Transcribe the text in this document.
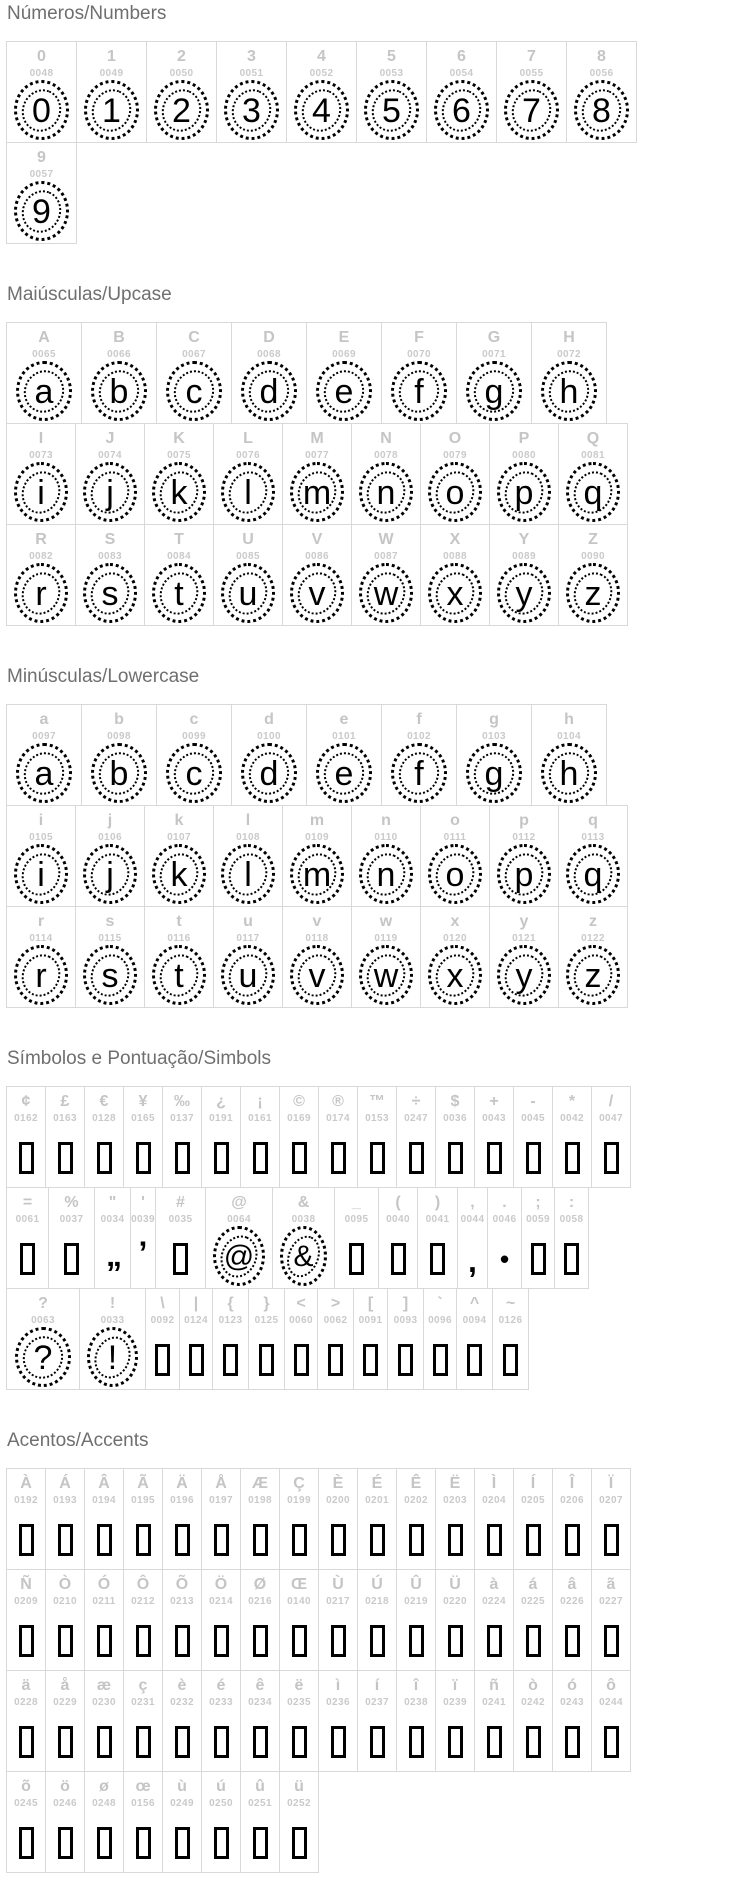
Números/Numbers
0
0048
0

1
0049
1

2
0050
2

3
0051
3

4
0052
4

5
0053
5

6
0054
6

7
0055
7

8
0056
8
9
0057
9
Maiúsculas/Upcase
A
0065
a

B
0066
b

C
0067
c

D
0068
d

E
0069
e

F
0070
f

G
0071
g

H
0072
h
I
0073
i

J
0074
j

K
0075
k

L
0076
l

M
0077
m

N
0078
n

O
0079
o

P
0080
p

Q
0081
q
R
0082
r

S
0083
s

T
0084
t

U
0085
u

V
0086
v

W
0087
w

X
0088
x

Y
0089
y

Z
0090
z
Minúsculas/Lowercase
a
0097
a

b
0098
b

c
0099
c

d
0100
d

e
0101
e

f
0102
f

g
0103
g

h
0104
h
i
0105
i

j
0106
j

k
0107
k

l
0108
l

m
0109
m

n
0110
n

o
0111
o

p
0112
p

q
0113
q
r
0114
r

s
0115
s

t
0116
t

u
0117
u

v
0118
v

w
0119
w

x
0120
x

y
0121
y

z
0122
z
Símbolos e Pontuação/Simbols
¢
0162

£
0163

€
0128

¥
0165

‰
0137

¿
0191

¡
0161

©
0169

®
0174

™
0153

÷
0247

$
0036

+
0043

-
0045

*
0042

/
0047
=
0061

%
0037

"
0034
„

'
0039
’

#
0035

@
0064
@

&
0038
&

_
0095

(
0040

)
0041

,
0044
,

.
0046
•

;
0059

:
0058
?
0063
?

!
0033
!

\
0092

|
0124

{
0123

}
0125

<
0060

>
0062

[
0091

]
0093

`
0096

^
0094

~
0126
Acentos/Accents
À
0192

Á
0193

Â
0194

Ã
0195

Ä
0196

Å
0197

Æ
0198

Ç
0199

È
0200

É
0201

Ê
0202

Ë
0203

Ì
0204

Í
0205

Î
0206

Ï
0207
Ñ
0209

Ò
0210

Ó
0211

Ô
0212

Õ
0213

Ö
0214

Ø
0216

Œ
0140

Ù
0217

Ú
0218

Û
0219

Ü
0220

à
0224

á
0225

â
0226

ã
0227
ä
0228

å
0229

æ
0230

ç
0231

è
0232

é
0233

ê
0234

ë
0235

ì
0236

í
0237

î
0238

ï
0239

ñ
0241

ò
0242

ó
0243

ô
0244
õ
0245

ö
0246

ø
0248

œ
0156

ù
0249

ú
0250

û
0251

ü
0252
